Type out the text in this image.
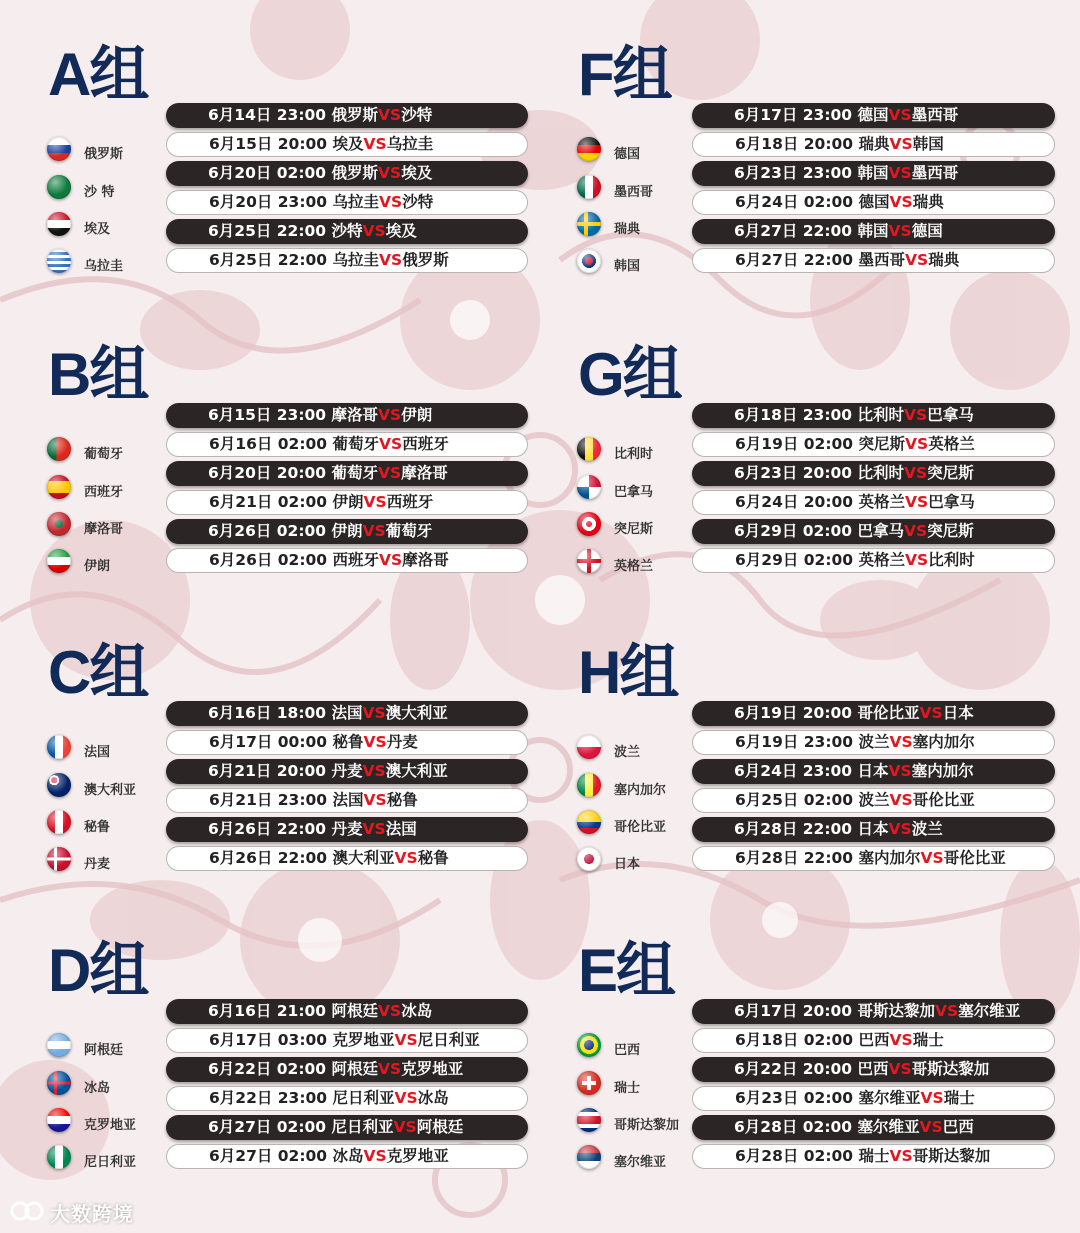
A组
俄罗斯
沙 特
埃及
乌拉圭
6月14日 23:00 俄罗斯VS沙特
6月15日 20:00 埃及VS乌拉圭
6月20日 02:00 俄罗斯VS埃及
6月20日 23:00 乌拉圭VS沙特
6月25日 22:00 沙特VS埃及
6月25日 22:00 乌拉圭VS俄罗斯
F组
德国
墨西哥
瑞典
韩国
6月17日 23:00 德国VS墨西哥
6月18日 20:00 瑞典VS韩国
6月23日 23:00 韩国VS墨西哥
6月24日 02:00 德国VS瑞典
6月27日 22:00 韩国VS德国
6月27日 22:00 墨西哥VS瑞典
B组
葡萄牙
西班牙
摩洛哥
伊朗
6月15日 23:00 摩洛哥VS伊朗
6月16日 02:00 葡萄牙VS西班牙
6月20日 20:00 葡萄牙VS摩洛哥
6月21日 02:00 伊朗VS西班牙
6月26日 02:00 伊朗VS葡萄牙
6月26日 02:00 西班牙VS摩洛哥
G组
比利时
巴拿马
突尼斯
英格兰
6月18日 23:00 比利时VS巴拿马
6月19日 02:00 突尼斯VS英格兰
6月23日 20:00 比利时VS突尼斯
6月24日 20:00 英格兰VS巴拿马
6月29日 02:00 巴拿马VS突尼斯
6月29日 02:00 英格兰VS比利时
C组
法国
澳大利亚
秘鲁
丹麦
6月16日 18:00 法国VS澳大利亚
6月17日 00:00 秘鲁VS丹麦
6月21日 20:00 丹麦VS澳大利亚
6月21日 23:00 法国VS秘鲁
6月26日 22:00 丹麦VS法国
6月26日 22:00 澳大利亚VS秘鲁
H组
波兰
塞内加尔
哥伦比亚
日本
6月19日 20:00 哥伦比亚VS日本
6月19日 23:00 波兰VS塞内加尔
6月24日 23:00 日本VS塞内加尔
6月25日 02:00 波兰VS哥伦比亚
6月28日 22:00 日本VS波兰
6月28日 22:00 塞内加尔VS哥伦比亚
D组
阿根廷
冰岛
克罗地亚
尼日利亚
6月16日 21:00 阿根廷VS冰岛
6月17日 03:00 克罗地亚VS尼日利亚
6月22日 02:00 阿根廷VS克罗地亚
6月22日 23:00 尼日利亚VS冰岛
6月27日 02:00 尼日利亚VS阿根廷
6月27日 02:00 冰岛VS克罗地亚
E组
巴西
瑞士
哥斯达黎加
塞尔维亚
6月17日 20:00 哥斯达黎加VS塞尔维亚
6月18日 02:00 巴西VS瑞士
6月22日 20:00 巴西VS哥斯达黎加
6月23日 02:00 塞尔维亚VS瑞士
6月28日 02:00 塞尔维亚VS巴西
6月28日 02:00 瑞士VS哥斯达黎加
大数跨境
